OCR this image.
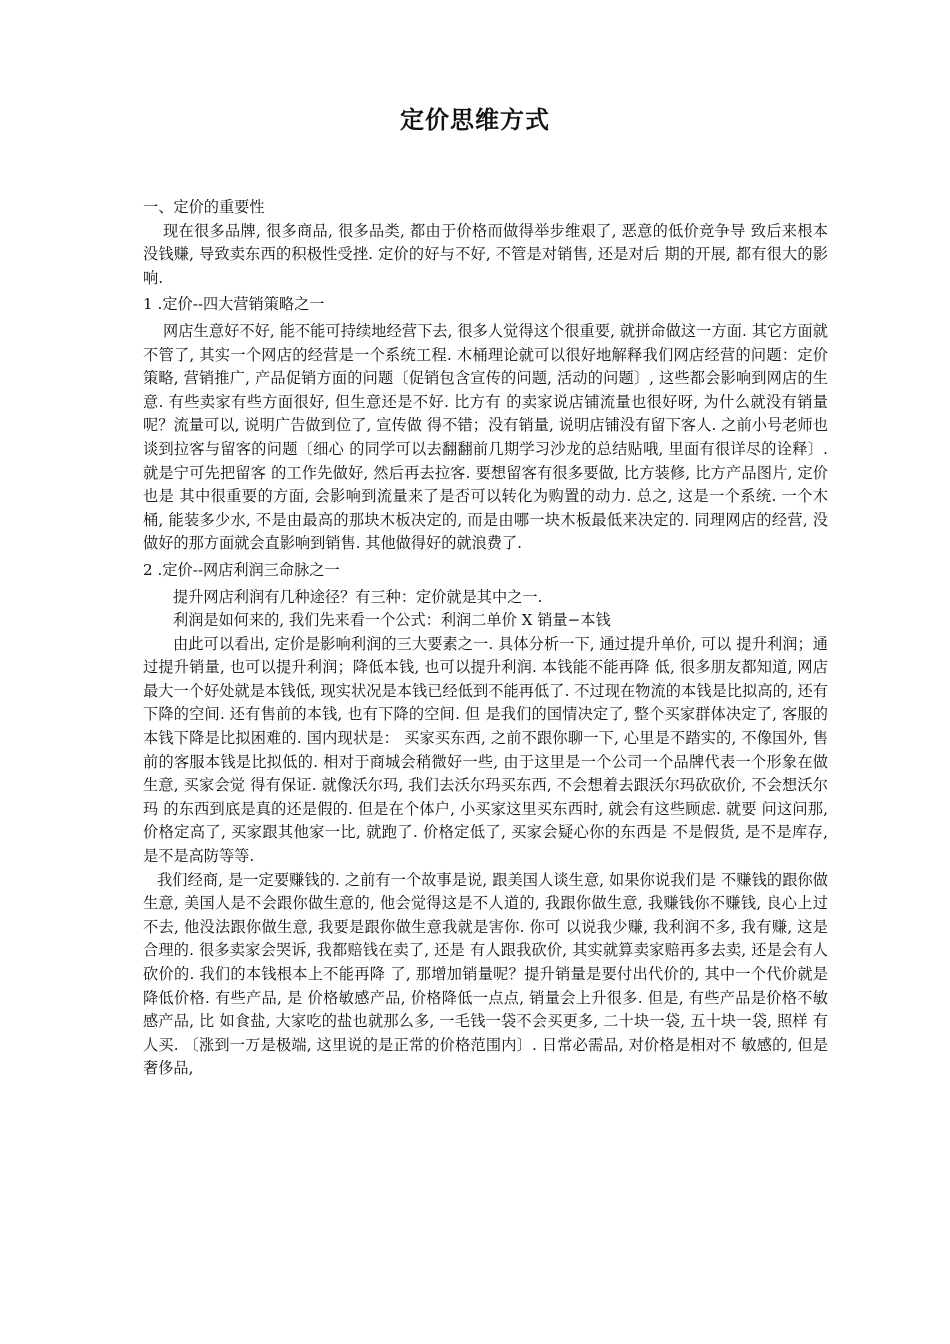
定价思维方式

一、定价的重要性

现在很多品牌, 很多商品, 很多品类, 都由于价格而做得举步维艰了, 恶意的低价竞争导 致后来根本没钱赚, 导致卖东西的积极性受挫. 定价的好与不好, 不管是对销售, 还是对后 期的开展, 都有很大的影响.

1 .定价--四大营销策略之一

网店生意好不好, 能不能可持续地经营下去, 很多人觉得这个很重要, 就拼命做这一方面. 其它方面就不管了, 其实一个网店的经营是一个系统工程. 木桶理论就可以很好地解释我们网店经营的问题：定价策略, 营销推广, 产品促销方面的问题〔促销包含宣传的问题, 活动的问题〕, 这些都会影响到网店的生意. 有些卖家有些方面很好, 但生意还是不好. 比方有 的卖家说店铺流量也很好呀, 为什么就没有销量呢？流量可以, 说明广告做到位了, 宣传做 得不错；没有销量, 说明店铺没有留下客人. 之前小号老师也谈到拉客与留客的问题〔细心 的同学可以去翻翻前几期学习沙龙的总结贴哦, 里面有很详尽的诠释〕. 就是宁可先把留客 的工作先做好, 然后再去拉客. 要想留客有很多要做, 比方装修, 比方产品图片, 定价也是 其中很重要的方面, 会影响到流量来了是否可以转化为购置的动力. 总之, 这是一个系统. 一个木桶, 能装多少水, 不是由最高的那块木板决定的, 而是由哪一块木板最低来决定的. 同理网店的经营, 没做好的那方面就会直影响到销售. 其他做得好的就浪费了.

2 .定价--网店利润三命脉之一

提升网店利润有几种途径？有三种：定价就是其中之一.

利润是如何来的, 我们先来看一个公式：利润二单价 X 销量−本钱

由此可以看出, 定价是影响利润的三大要素之一. 具体分析一下, 通过提升单价, 可以 提升利润；通过提升销量, 也可以提升利润；降低本钱, 也可以提升利润. 本钱能不能再降 低, 很多朋友都知道, 网店最大一个好处就是本钱低, 现实状况是本钱已经低到不能再低了. 不过现在物流的本钱是比拟高的, 还有下降的空间. 还有售前的本钱, 也有下降的空间. 但 是我们的国情决定了, 整个买家群体决定了, 客服的本钱下降是比拟困难的. 国内现状是： 买家买东西, 之前不跟你聊一下, 心里是不踏实的, 不像国外, 售前的客服本钱是比拟低的. 相对于商城会稍微好一些, 由于这里是一个公司一个品牌代表一个形象在做生意, 买家会觉 得有保证. 就像沃尔玛, 我们去沃尔玛买东西, 不会想着去跟沃尔玛砍砍价, 不会想沃尔玛 的东西到底是真的还是假的. 但是在个体户, 小买家这里买东西时, 就会有这些顾虑. 就要 问这问那, 价格定高了, 买家跟其他家一比, 就跑了. 价格定低了, 买家会疑心你的东西是 不是假货, 是不是库存, 是不是高防等等.

我们经商, 是一定要赚钱的. 之前有一个故事是说, 跟美国人谈生意, 如果你说我们是 不赚钱的跟你做生意, 美国人是不会跟你做生意的, 他会觉得这是不人道的, 我跟你做生意, 我赚钱你不赚钱, 良心上过不去, 他没法跟你做生意, 我要是跟你做生意我就是害你. 你可 以说我少赚, 我利润不多, 我有赚, 这是合理的. 很多卖家会哭诉, 我都赔钱在卖了, 还是 有人跟我砍价, 其实就算卖家赔再多去卖, 还是会有人砍价的. 我们的本钱根本上不能再降 了, 那增加销量呢？提升销量是要付出代价的, 其中一个代价就是降低价格. 有些产品, 是 价格敏感产品, 价格降低一点点, 销量会上升很多. 但是, 有些产品是价格不敏感产品, 比 如食盐, 大家吃的盐也就那么多, 一毛钱一袋不会买更多, 二十块一袋, 五十块一袋, 照样 有人买. 〔涨到一万是极端, 这里说的是正常的价格范围内〕. 日常必需品, 对价格是相对不 敏感的, 但是奢侈品,
